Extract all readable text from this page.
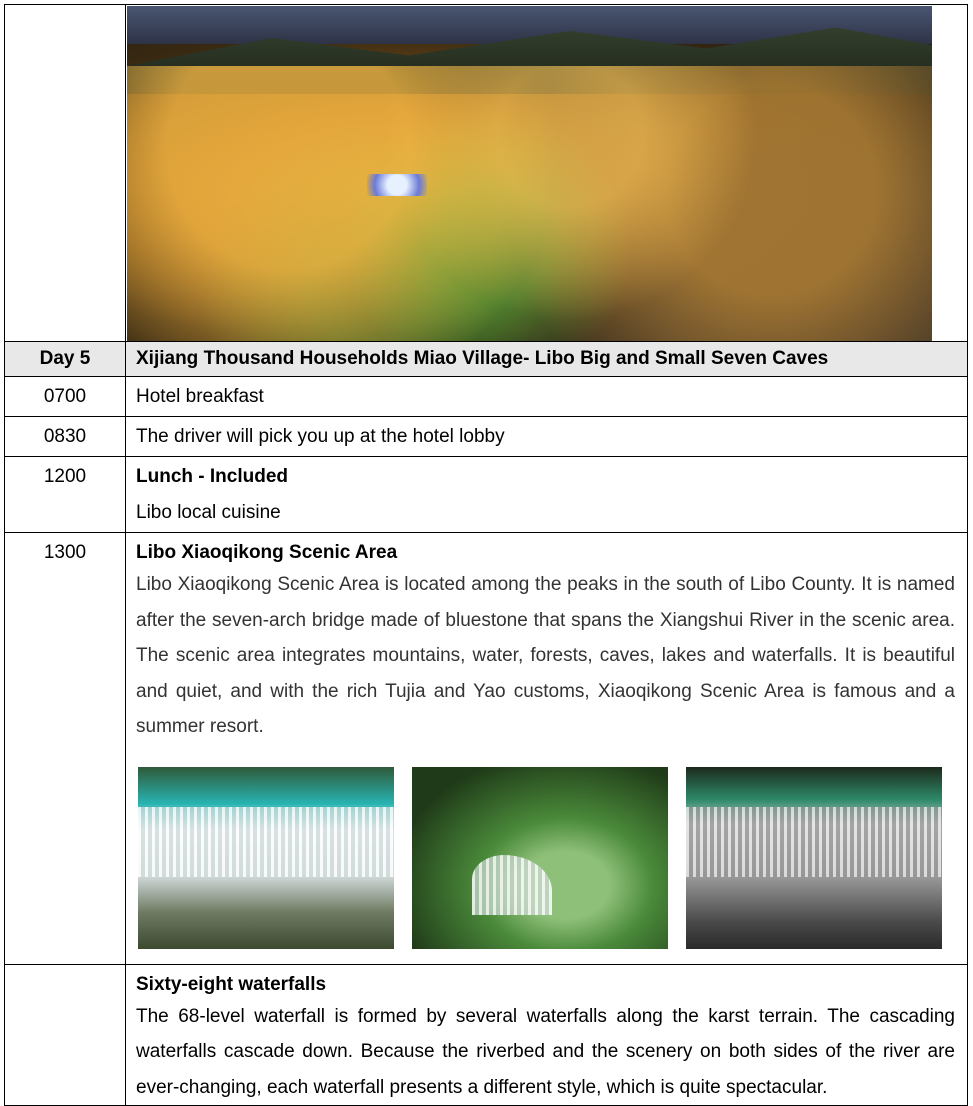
Day 5	Xijiang Thousand Households Miao Village- Libo Big and Small Seven Caves

0700	Hotel breakfast

0830	The driver will pick you up at the hotel lobby

1200	Lunch - Included
Libo local cuisine

1300	Libo Xiaoqikong Scenic Area
Libo Xiaoqikong Scenic Area is located among the peaks in the south of Libo County. It is named after the seven-arch bridge made of bluestone that spans the Xiangshui River in the scenic area. The scenic area integrates mountains, water, forests, caves, lakes and waterfalls. It is beautiful and quiet, and with the rich Tujia and Yao customs, Xiaoqikong Scenic Area is famous and a summer resort.

	Sixty-eight waterfalls
The 68-level waterfall is formed by several waterfalls along the karst terrain. The cascading waterfalls cascade down. Because the riverbed and the scenery on both sides of the river are ever-changing, each waterfall presents a different style, which is quite spectacular.
